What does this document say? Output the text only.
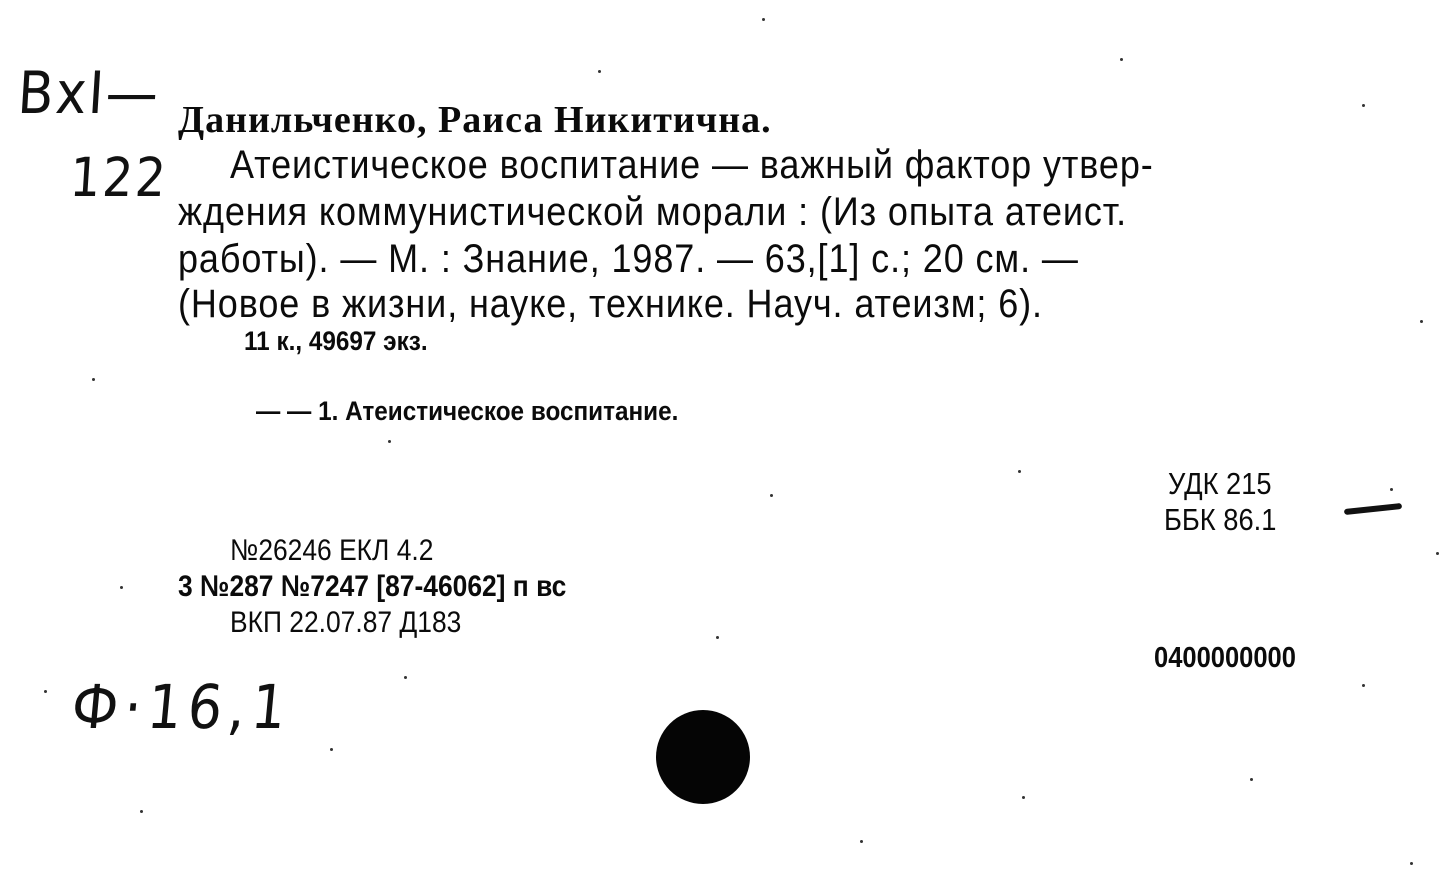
ВхI—
122
Данильченко, Раиса Никитична.
Атеистическое воспитание — важный фактор утвер-
ждения коммунистической морали : (Из опыта атеист.
работы). — М. : Знание, 1987. — 63,[1] с.; 20 см. —
(Новое в жизни, науке, технике. Науч. атеизм; 6).
11 к., 49697 экз.
— — 1. Атеистическое воспитание.
УДК 215
ББК 86.1
№26246 ЕКЛ 4.2
3 №287 №7247 [87-46062] п вс
ВКП 22.07.87 Д183
0400000000
Ф·16,1
